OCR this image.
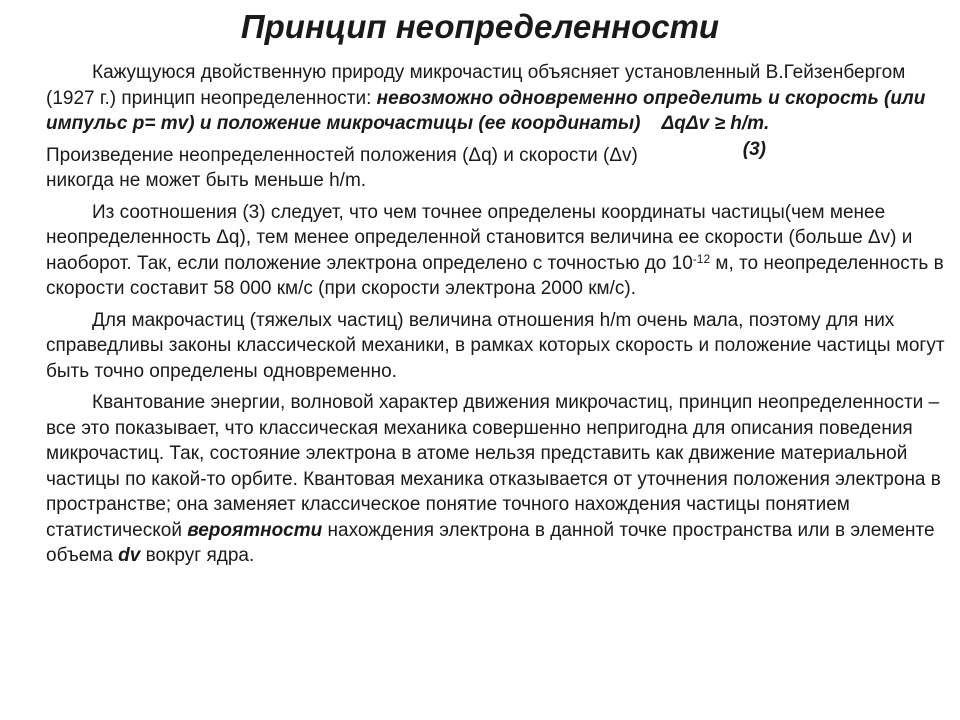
Принцип неопределенности

Кажущуюся двойственную природу микрочастиц объясняет установленный В.Гейзенбергом (1927 г.) принцип неопределенности: невозможно одновременно определить и скорость (или импульс p= mv) и положение микрочастицы (ее координаты) ΔqΔv ≥ h/m.
(3)

Произведение неопределенностей положения (Δq) и скорости (Δv) никогда не может быть меньше h/m.

Из соотношения (3) следует, что чем точнее определены координаты частицы(чем менее неопределенность Δq), тем менее определенной становится величина ее скорости (больше Δv) и наоборот. Так, если положение электрона определено с точностью до $10^{-12}$ м, то неопределенность в скорости составит 58 000 км/с (при скорости электрона 2000 км/с).

Для макрочастиц (тяжелых частиц) величина отношения h/m очень мала, поэтому для них справедливы законы классической механики, в рамках которых скорость и положение частицы могут быть точно определены одновременно.

Квантование энергии, волновой характер движения микрочастиц, принцип неопределенности – все это показывает, что классическая механика совершенно непригодна для описания поведения микрочастиц. Так, состояние электрона в атоме нельзя представить как движение материальной частицы по какой-то орбите. Квантовая механика отказывается от уточнения положения электрона в пространстве; она заменяет классическое понятие точного нахождения частицы понятием статистической вероятности нахождения электрона в данной точке пространства или в элементе объема dv вокруг ядра.
